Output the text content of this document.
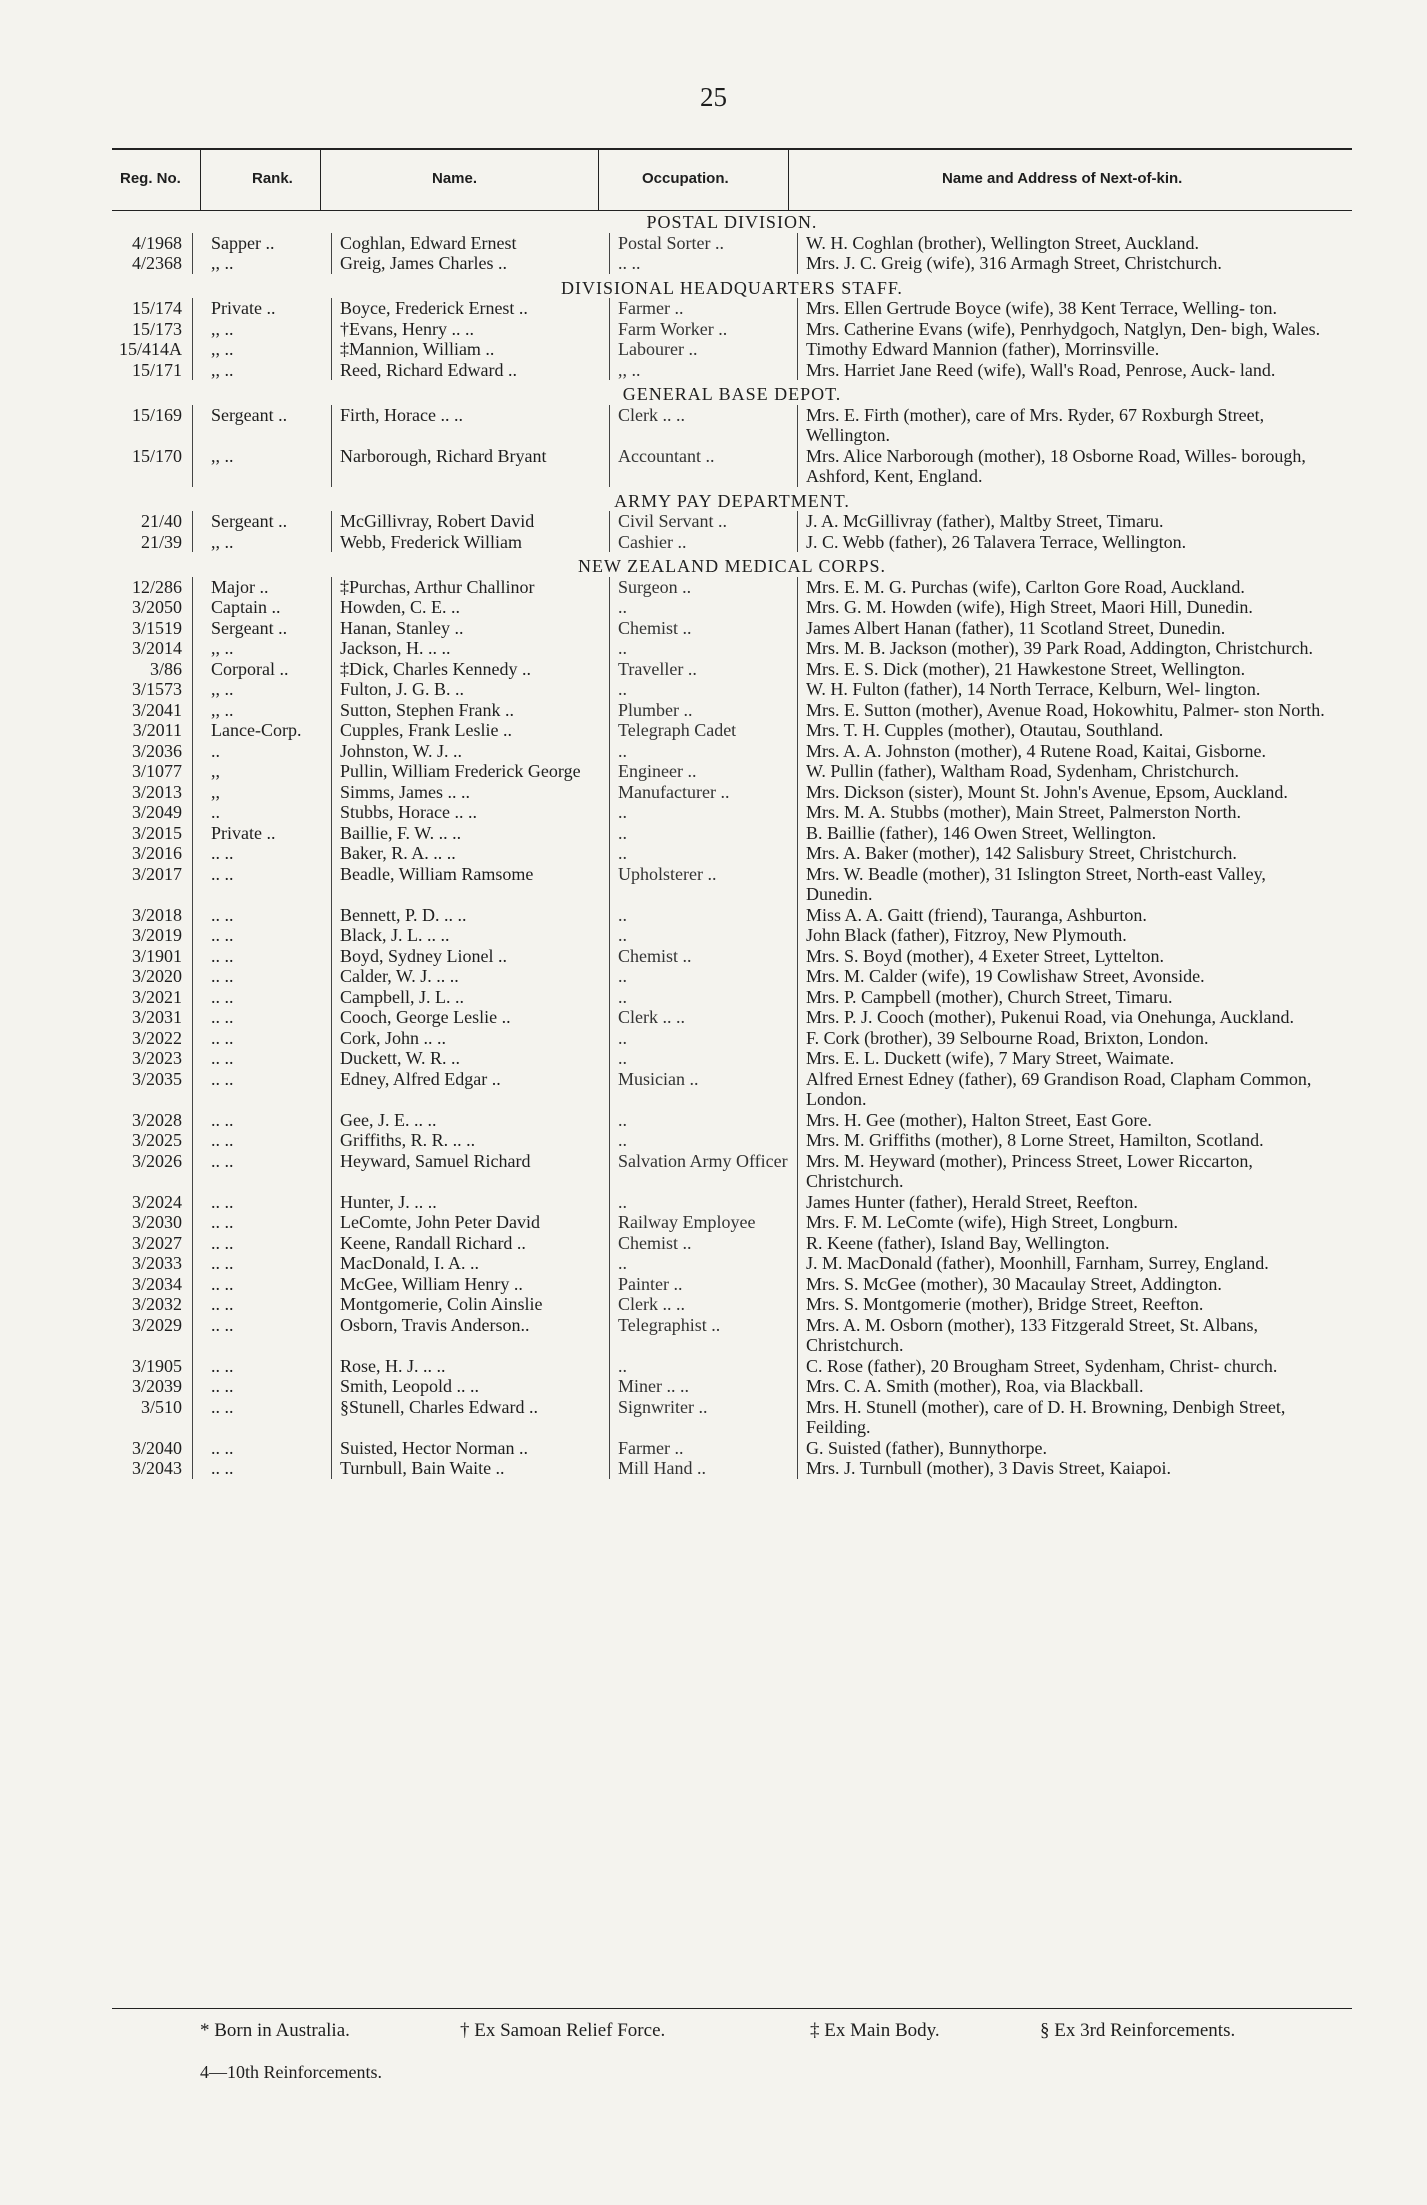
25
Reg. No.	Rank.	Name.	Occupation.	Name and Address of Next-of-kin.
POSTAL DIVISION.
4/1968	Sapper ..	Coghlan, Edward Ernest	Postal Sorter ..	W. H. Coghlan (brother), Wellington Street, Auckland.
4/2368	,, ..	Greig, James Charles ..	.. ..	Mrs. J. C. Greig (wife), 316 Armagh Street, Christchurch.
DIVISIONAL HEADQUARTERS STAFF.
15/174	Private ..	Boyce, Frederick Ernest ..	Farmer ..	Mrs. Ellen Gertrude Boyce (wife), 38 Kent Terrace, Welling- ton.
15/173	,, ..	†Evans, Henry .. ..	Farm Worker ..	Mrs. Catherine Evans (wife), Penrhydgoch, Natglyn, Den- bigh, Wales.
15/414A	,, ..	‡Mannion, William ..	Labourer ..	Timothy Edward Mannion (father), Morrinsville.
15/171	,, ..	Reed, Richard Edward ..	,, ..	Mrs. Harriet Jane Reed (wife), Wall's Road, Penrose, Auck- land.
GENERAL BASE DEPOT.
15/169	Sergeant ..	Firth, Horace .. ..	Clerk .. ..	Mrs. E. Firth (mother), care of Mrs. Ryder, 67 Roxburgh Street, Wellington.
15/170	,, ..	Narborough, Richard Bryant	Accountant ..	Mrs. Alice Narborough (mother), 18 Osborne Road, Willes- borough, Ashford, Kent, England.
ARMY PAY DEPARTMENT.
21/40	Sergeant ..	McGillivray, Robert David	Civil Servant ..	J. A. McGillivray (father), Maltby Street, Timaru.
21/39	,, ..	Webb, Frederick William	Cashier ..	J. C. Webb (father), 26 Talavera Terrace, Wellington.
NEW ZEALAND MEDICAL CORPS.
12/286	Major ..	‡Purchas, Arthur Challinor	Surgeon ..	Mrs. E. M. G. Purchas (wife), Carlton Gore Road, Auckland.
3/2050	Captain ..	Howden, C. E. ..	..	Mrs. G. M. Howden (wife), High Street, Maori Hill, Dunedin.
3/1519	Sergeant ..	Hanan, Stanley ..	Chemist ..	James Albert Hanan (father), 11 Scotland Street, Dunedin.
3/2014	,, ..	Jackson, H. .. ..	..	Mrs. M. B. Jackson (mother), 39 Park Road, Addington, Christchurch.
3/86	Corporal ..	‡Dick, Charles Kennedy ..	Traveller ..	Mrs. E. S. Dick (mother), 21 Hawkestone Street, Wellington.
3/1573	,, ..	Fulton, J. G. B. ..	..	W. H. Fulton (father), 14 North Terrace, Kelburn, Wel- lington.
3/2041	,, ..	Sutton, Stephen Frank ..	Plumber ..	Mrs. E. Sutton (mother), Avenue Road, Hokowhitu, Palmer- ston North.
3/2011	Lance-Corp.	Cupples, Frank Leslie ..	Telegraph Cadet	Mrs. T. H. Cupples (mother), Otautau, Southland.
3/2036	..	Johnston, W. J. ..	..	Mrs. A. A. Johnston (mother), 4 Rutene Road, Kaitai, Gisborne.
3/1077	,,	Pullin, William Frederick George	Engineer ..	W. Pullin (father), Waltham Road, Sydenham, Christchurch.
3/2013	,,	Simms, James .. ..	Manufacturer ..	Mrs. Dickson (sister), Mount St. John's Avenue, Epsom, Auckland.
3/2049	..	Stubbs, Horace .. ..	..	Mrs. M. A. Stubbs (mother), Main Street, Palmerston North.
3/2015	Private ..	Baillie, F. W. .. ..	..	B. Baillie (father), 146 Owen Street, Wellington.
3/2016	.. ..	Baker, R. A. .. ..	..	Mrs. A. Baker (mother), 142 Salisbury Street, Christchurch.
3/2017	.. ..	Beadle, William Ramsome	Upholsterer ..	Mrs. W. Beadle (mother), 31 Islington Street, North-east Valley, Dunedin.
3/2018	.. ..	Bennett, P. D. .. ..	..	Miss A. A. Gaitt (friend), Tauranga, Ashburton.
3/2019	.. ..	Black, J. L. .. ..	..	John Black (father), Fitzroy, New Plymouth.
3/1901	.. ..	Boyd, Sydney Lionel ..	Chemist ..	Mrs. S. Boyd (mother), 4 Exeter Street, Lyttelton.
3/2020	.. ..	Calder, W. J. .. ..	..	Mrs. M. Calder (wife), 19 Cowlishaw Street, Avonside.
3/2021	.. ..	Campbell, J. L. ..	..	Mrs. P. Campbell (mother), Church Street, Timaru.
3/2031	.. ..	Cooch, George Leslie ..	Clerk .. ..	Mrs. P. J. Cooch (mother), Pukenui Road, via Onehunga, Auckland.
3/2022	.. ..	Cork, John .. ..	..	F. Cork (brother), 39 Selbourne Road, Brixton, London.
3/2023	.. ..	Duckett, W. R. ..	..	Mrs. E. L. Duckett (wife), 7 Mary Street, Waimate.
3/2035	.. ..	Edney, Alfred Edgar ..	Musician ..	Alfred Ernest Edney (father), 69 Grandison Road, Clapham Common, London.
3/2028	.. ..	Gee, J. E. .. ..	..	Mrs. H. Gee (mother), Halton Street, East Gore.
3/2025	.. ..	Griffiths, R. R. .. ..	..	Mrs. M. Griffiths (mother), 8 Lorne Street, Hamilton, Scotland.
3/2026	.. ..	Heyward, Samuel Richard	Salvation Army Officer	Mrs. M. Heyward (mother), Princess Street, Lower Riccarton, Christchurch.
3/2024	.. ..	Hunter, J. .. ..	..	James Hunter (father), Herald Street, Reefton.
3/2030	.. ..	LeComte, John Peter David	Railway Employee	Mrs. F. M. LeComte (wife), High Street, Longburn.
3/2027	.. ..	Keene, Randall Richard ..	Chemist ..	R. Keene (father), Island Bay, Wellington.
3/2033	.. ..	MacDonald, I. A. ..	..	J. M. MacDonald (father), Moonhill, Farnham, Surrey, England.
3/2034	.. ..	McGee, William Henry ..	Painter ..	Mrs. S. McGee (mother), 30 Macaulay Street, Addington.
3/2032	.. ..	Montgomerie, Colin Ainslie	Clerk .. ..	Mrs. S. Montgomerie (mother), Bridge Street, Reefton.
3/2029	.. ..	Osborn, Travis Anderson..	Telegraphist ..	Mrs. A. M. Osborn (mother), 133 Fitzgerald Street, St. Albans, Christchurch.
3/1905	.. ..	Rose, H. J. .. ..	..	C. Rose (father), 20 Brougham Street, Sydenham, Christ- church.
3/2039	.. ..	Smith, Leopold .. ..	Miner .. ..	Mrs. C. A. Smith (mother), Roa, via Blackball.
3/510	.. ..	§Stunell, Charles Edward ..	Signwriter ..	Mrs. H. Stunell (mother), care of D. H. Browning, Denbigh Street, Feilding.
3/2040	.. ..	Suisted, Hector Norman ..	Farmer ..	G. Suisted (father), Bunnythorpe.
3/2043	.. ..	Turnbull, Bain Waite ..	Mill Hand ..	Mrs. J. Turnbull (mother), 3 Davis Street, Kaiapoi.
* Born in Australia.	† Ex Samoan Relief Force.	‡ Ex Main Body.	§ Ex 3rd Reinforcements.
4—10th Reinforcements.
